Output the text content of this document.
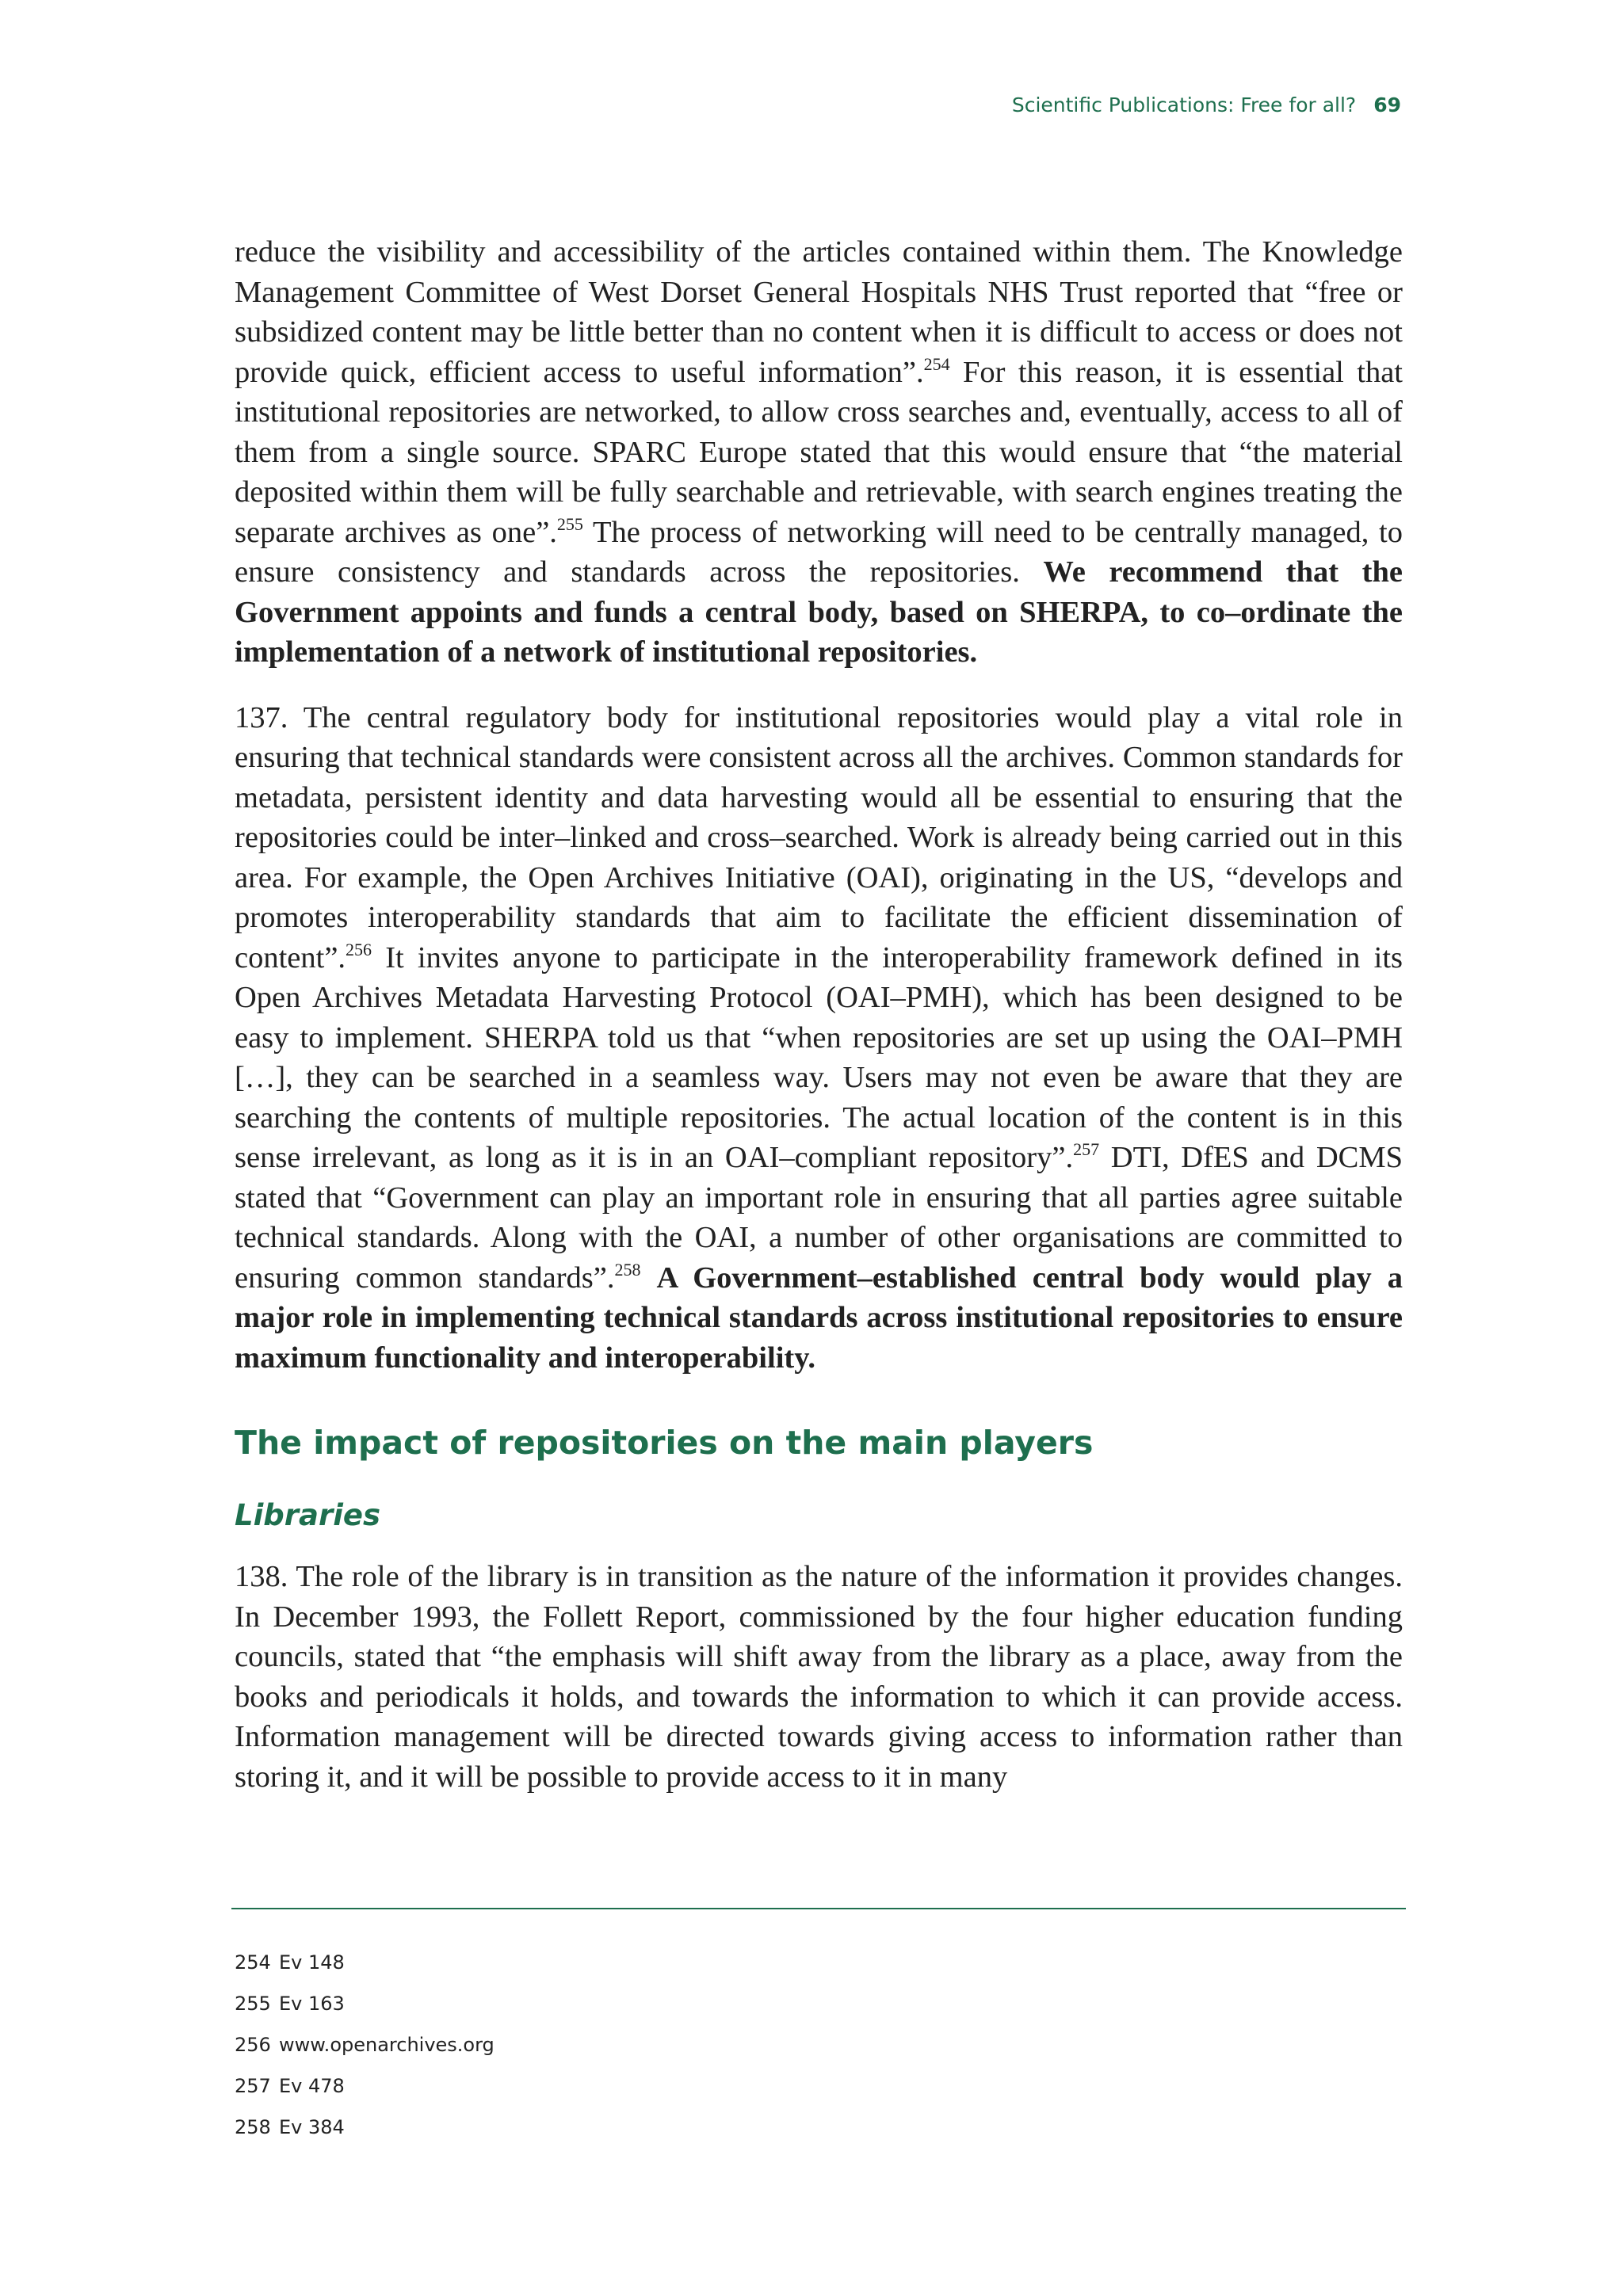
Scientific Publications: Free for all? 69

reduce the visibility and accessibility of the articles contained within them. The Knowledge Management Committee of West Dorset General Hospitals NHS Trust reported that “free or subsidized content may be little better than no content when it is difficult to access or does not provide quick, efficient access to useful information”.$^{254}$ For this reason, it is essential that institutional repositories are networked, to allow cross searches and, eventually, access to all of them from a single source. SPARC Europe stated that this would ensure that “the material deposited within them will be fully searchable and retrievable, with search engines treating the separate archives as one”.$^{255}$ The process of networking will need to be centrally managed, to ensure consistency and standards across the repositories. We recommend that the Government appoints and funds a central body, based on SHERPA, to co–ordinate the implementation of a network of institutional repositories.

137. The central regulatory body for institutional repositories would play a vital role in ensuring that technical standards were consistent across all the archives. Common standards for metadata, persistent identity and data harvesting would all be essential to ensuring that the repositories could be inter–linked and cross–searched. Work is already being carried out in this area. For example, the Open Archives Initiative (OAI), originating in the US, “develops and promotes interoperability standards that aim to facilitate the efficient dissemination of content”.$^{256}$ It invites anyone to participate in the interoperability framework defined in its Open Archives Metadata Harvesting Protocol (OAI–PMH), which has been designed to be easy to implement. SHERPA told us that “when repositories are set up using the OAI–PMH […], they can be searched in a seamless way. Users may not even be aware that they are searching the contents of multiple repositories. The actual location of the content is in this sense irrelevant, as long as it is in an OAI–compliant repository”.$^{257}$ DTI, DfES and DCMS stated that “Government can play an important role in ensuring that all parties agree suitable technical standards. Along with the OAI, a number of other organisations are committed to ensuring common standards”.$^{258}$ A Government–established central body would play a major role in implementing technical standards across institutional repositories to ensure maximum functionality and interoperability.

The impact of repositories on the main players
Libraries

138. The role of the library is in transition as the nature of the information it provides changes. In December 1993, the Follett Report, commissioned by the four higher education funding councils, stated that “the emphasis will shift away from the library as a place, away from the books and periodicals it holds, and towards the information to which it can provide access. Information management will be directed towards giving access to information rather than storing it, and it will be possible to provide access to it in many

254 Ev 148
255 Ev 163
256 www.openarchives.org
257 Ev 478
258 Ev 384
